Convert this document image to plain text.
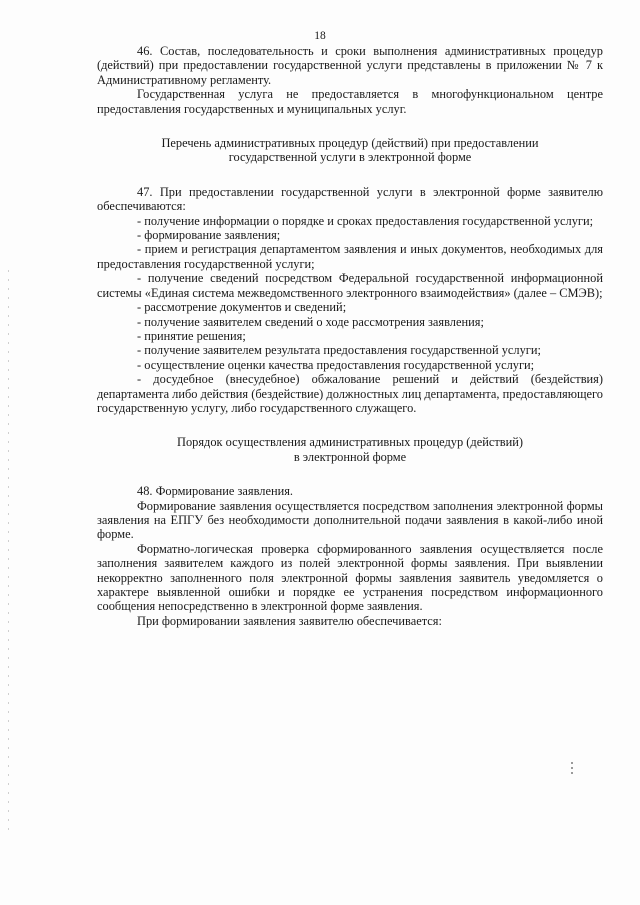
18

46. Состав, последовательность и сроки выполнения административных процедур (действий) при предоставлении государственной услуги представлены в приложении № 7 к Административному регламенту.

Государственная услуга не предоставляется в многофункциональном центре предоставления государственных и муниципальных услуг.

Перечень административных процедур (действий) при предоставлении

государственной услуги в электронной форме

47. При предоставлении государственной услуги в электронной форме заявителю обеспечиваются:

- получение информации о порядке и сроках предоставления государственной услуги;

- формирование заявления;

- прием и регистрация департаментом заявления и иных документов, необходимых для предоставления государственной услуги;

- получение сведений посредством Федеральной государственной информационной системы «Единая система межведомственного электронного взаимодействия» (далее – СМЭВ);

- рассмотрение документов и сведений;

- получение заявителем сведений о ходе рассмотрения заявления;

- принятие решения;

- получение заявителем результата предоставления государственной услуги;

- осуществление оценки качества предоставления государственной услуги;

- досудебное (внесудебное) обжалование решений и действий (бездействия) департамента либо действия (бездействие) должностных лиц департамента, предоставляющего государственную услугу, либо государственного служащего.

Порядок осуществления административных процедур (действий)

в электронной форме

48. Формирование заявления.

Формирование заявления осуществляется посредством заполнения электронной формы заявления на ЕПГУ без необходимости дополнительной подачи заявления в какой-либо иной форме.

Форматно-логическая проверка сформированного заявления осуществляется после заполнения заявителем каждого из полей электронной формы заявления. При выявлении некорректно заполненного поля электронной формы заявления заявитель уведомляется о характере выявленной ошибки и порядке ее устранения посредством информационного сообщения непосредственно в электронной форме заявления.

При формировании заявления заявителю обеспечивается:
